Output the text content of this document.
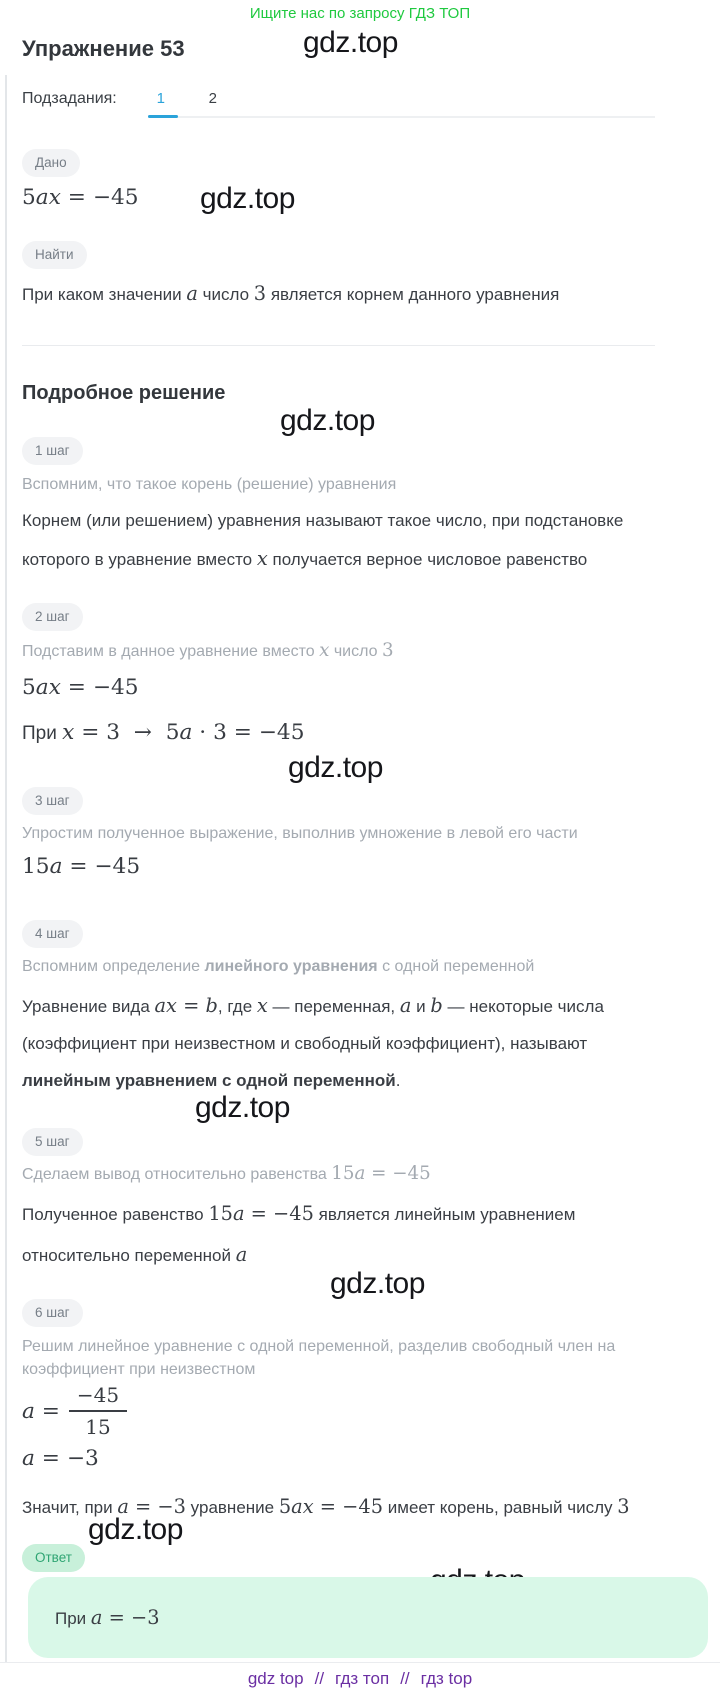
Ищите нас по запросу ГДЗ ТОП
gdz.top
gdz.top
gdz.top
gdz.top
gdz.top
gdz.top
gdz.top
Упражнение 53
Подзадания:	1	2
Дано
5ax = −45
Найти
При каком значении a число 3 является корнем данного уравнения
Подробное решение
1 шаг
Вспомним, что такое корень (решение) уравнения
Корнем (или решением) уравнения называют такое число, при подстановке которого в уравнение вместо x получается верное числовое равенство
2 шаг
Подставим в данное уравнение вместо x число 3
5ax = −45
При x = 3  →  5a · 3 = −45
3 шаг
Упростим полученное выражение, выполнив умножение в левой его части
15a = −45
4 шаг
Вспомним определение линейного уравнения с одной переменной
Уравнение вида ax = b, где x — переменная, a и b — некоторые числа (коэффициент при неизвестном и свободный коэффициент), называют линейным уравнением с одной переменной.
5 шаг
Сделаем вывод относительно равенства 15a = −45
Полученное равенство 15a = −45 является линейным уравнением относительно переменной a
6 шаг
Решим линейное уравнение с одной переменной, разделив свободный член на коэффициент при неизвестном
$a = \frac{-45}{15}$
a = −3
Значит, при a = −3 уравнение 5ax = −45 имеет корень, равный числу 3
Ответ
При a = −3
gdz top // гдз топ // гдз top
